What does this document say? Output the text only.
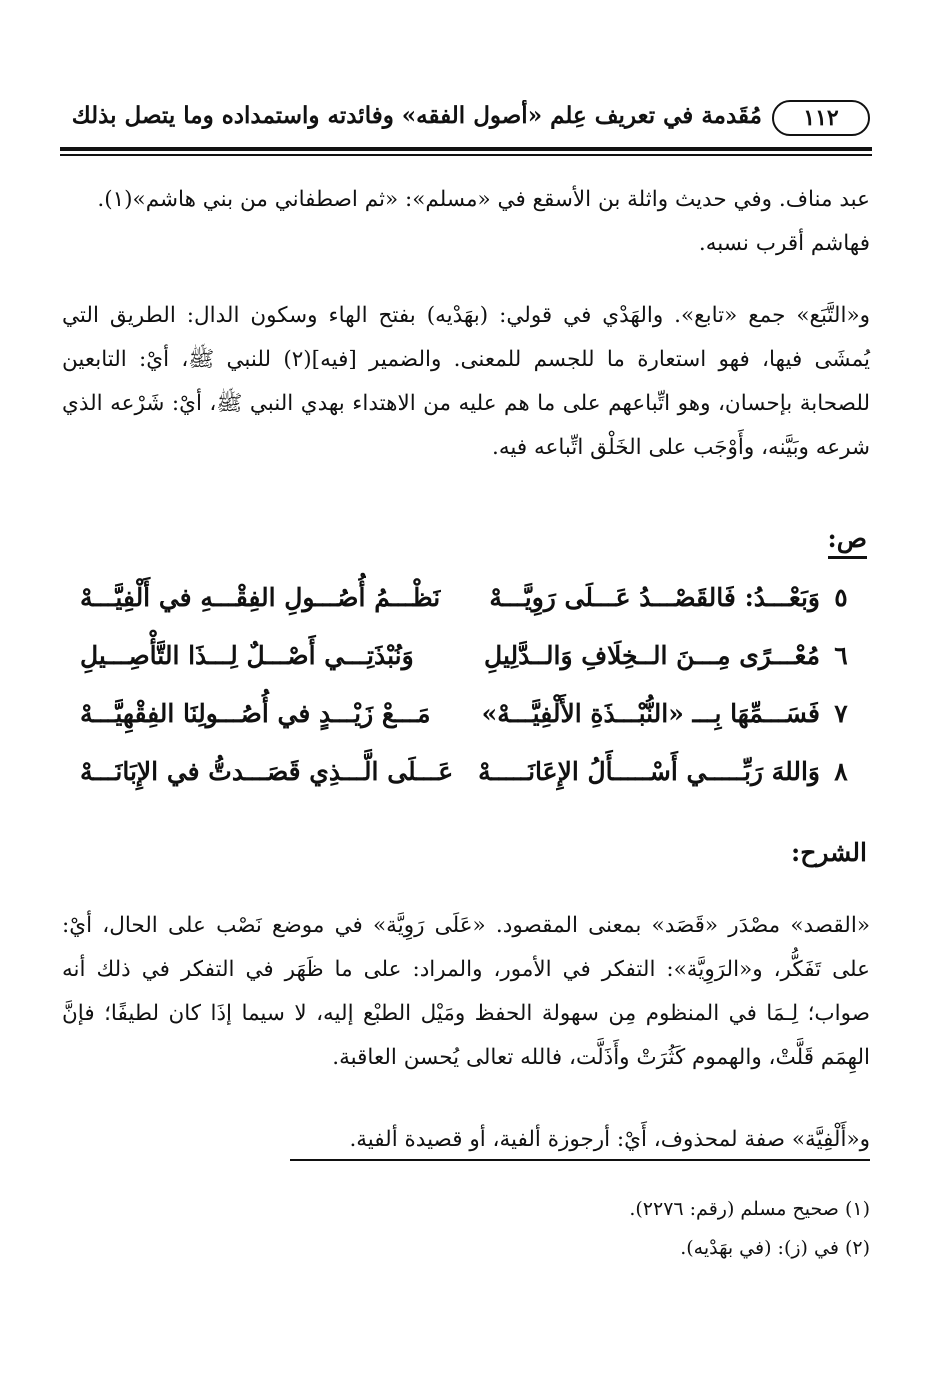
١١٢
مُقَدمة في تعريف عِلم «أصول الفقه» وفائدته واستمداده وما يتصل بذلك

عبد مناف. وفي حديث واثلة بن الأسقع في «مسلم»: «ثم اصطفاني من بني هاشم»(١).

فهاشم أقرب نسبه.

و«التَّبَع» جمع «تابع». والهَدْي في قولي: (بهَدْيه) بفتح الهاء وسكون الدال: الطريق التي يُمشَى فيها، فهو استعارة ما للجسم للمعنى. والضمير [فيه](٢) للنبي ﷺ، أيْ: التابعين للصحابة بإحسان، وهو اتِّباعهم على ما هم عليه من الاهتداء بهدي النبي ﷺ، أيْ: شَرْعه الذي شرعه وبَيَّنه، وأَوْجَب على الخَلْق اتِّباعه فيه.

ص:
٥
وَبَعْـــدُ: فَالقَصْـــدُ عَـــلَى رَوِيَّـــهْ
نَظْـــمُ أُصُـــولِ الفِقْـــهِ في أَلْفِيَّـــهْ
٦
مُعْـــرًى مِـــنَ الــخِلَافِ وَالــدَّلِيلِ
وَنُبْذَتِـــي أَصْـــلٌ لِـــذَا التَّأْصِـــيلِ
٧
فَسَـــمِّهَا بِـــ «النُّبْـــذَةِ الأَلْفِيَّـــهْ»
مَـــعْ زَيْـــدٍ في أُصُـــولِنَا الفِقْهِيَّـــهْ
٨
وَاللهَ رَبِّـــــي أَسْـــــأَلُ الإِعَانَـــــهْ
عَـــلَى الَّـــذِي قَصَـــدتُّ في الإِبَانَـــهْ
الشرح:

«القصد» مصْدَر «قَصَد» بمعنى المقصود. «عَلَى رَوِيَّة» في موضع نَصْب على الحال، أيْ: على تَفَكُّر، و«الرَوِيَّة»: التفكر في الأمور، والمراد: على ما ظَهَر في التفكر في ذلك أنه صواب؛ لِـمَا في المنظوم مِن سهولة الحفظ ومَيْل الطبْع إليه، لا سيما إذَا كان لطيفًا؛ فإنَّ الهِمَم قَلَّتْ، والهموم كَثُرَتْ وأَذَلَّت، فالله تعالى يُحسن العاقبة.

و«أَلْفِيَّة» صفة لمحذوف، أَيْ: أرجوزة ألفية، أو قصيدة ألفية.

(١) صحيح مسلم (رقم: ٢٢٧٦).
(٢) في (ز): (في بهَدْيه).
